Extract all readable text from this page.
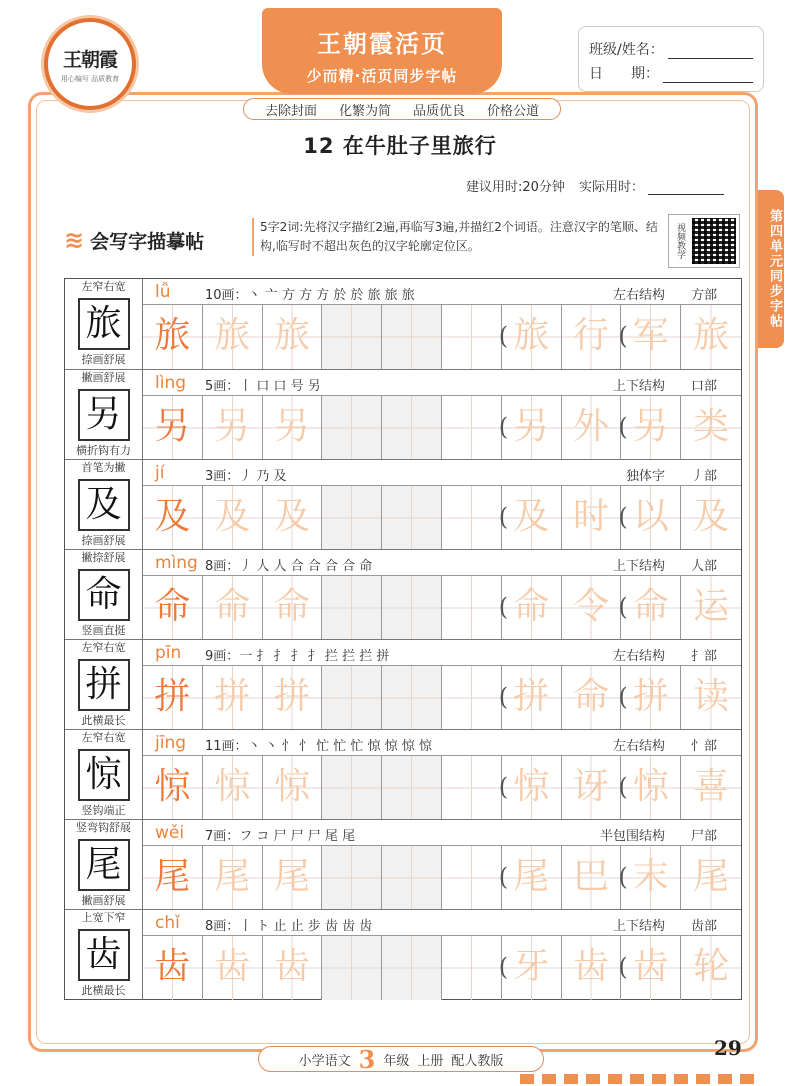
王朝霞
用心编写 品质教育
王朝霞活页
少而精·活页同步字帖
去除封面 化繁为简 品质优良 价格公道
班级/姓名：
日　　期：
12 在牛肚子里旅行
建议用时:20分钟 实际用时：
第四单元同步字帖
≋ 会写字描摹帖
5字2词:先将汉字描红2遍,再临写3遍,并描红2个词语。注意汉字的笔顺、结构,临写时不超出灰色的汉字轮廓定位区。	视频教学
左窄右宽
旅
捺画舒展
lǚ	10画：丶 亠 方 方 方 於 於 旅 旅 旅	左右结构 方部
旅 旅 旅	( 旅 行 ( 军 旅
撇画舒展
另
横折钩有力
lìng 5画：丨 口 口 号 另	上下结构 口部
另 另 另	( 另 外 ( 另 类
首笔为撇
及
捺画舒展
jí	3画：丿 乃 及	独体字 丿部
及 及 及	( 及 时 ( 以 及
撇捺舒展
命
竖画直挺
mìng 8画：丿 人 人 合 合 合 合 命	上下结构 人部
命 命 命	( 命 令 ( 命 运
左窄右宽
拼
此横最长
pīn 9画：一 扌 扌 扌 扌 拦 拦 拦 拼	左右结构 扌部
拼 拼 拼	( 拼 命 ( 拼 读
左窄右宽
惊
竖钩端正
jīng 11画：丶 丶 忄 忄 忙 忙 忙 惊 惊 惊 惊	左右结构 忄部
惊 惊 惊	( 惊 讶 ( 惊 喜
竖弯钩舒展
尾
撇画舒展
wěi 7画：フ コ 尸 尸 尸 尾 尾	半包围结构 尸部
尾 尾 尾	( 尾 巴 ( 末 尾
上宽下窄
齿
此横最长
chǐ 8画：丨 ト 止 止 步 齿 齿 齿	上下结构 齿部
齿 齿 齿	( 牙 齿 ( 齿 轮
小学语文 3 年级 上册 配人教版
29
